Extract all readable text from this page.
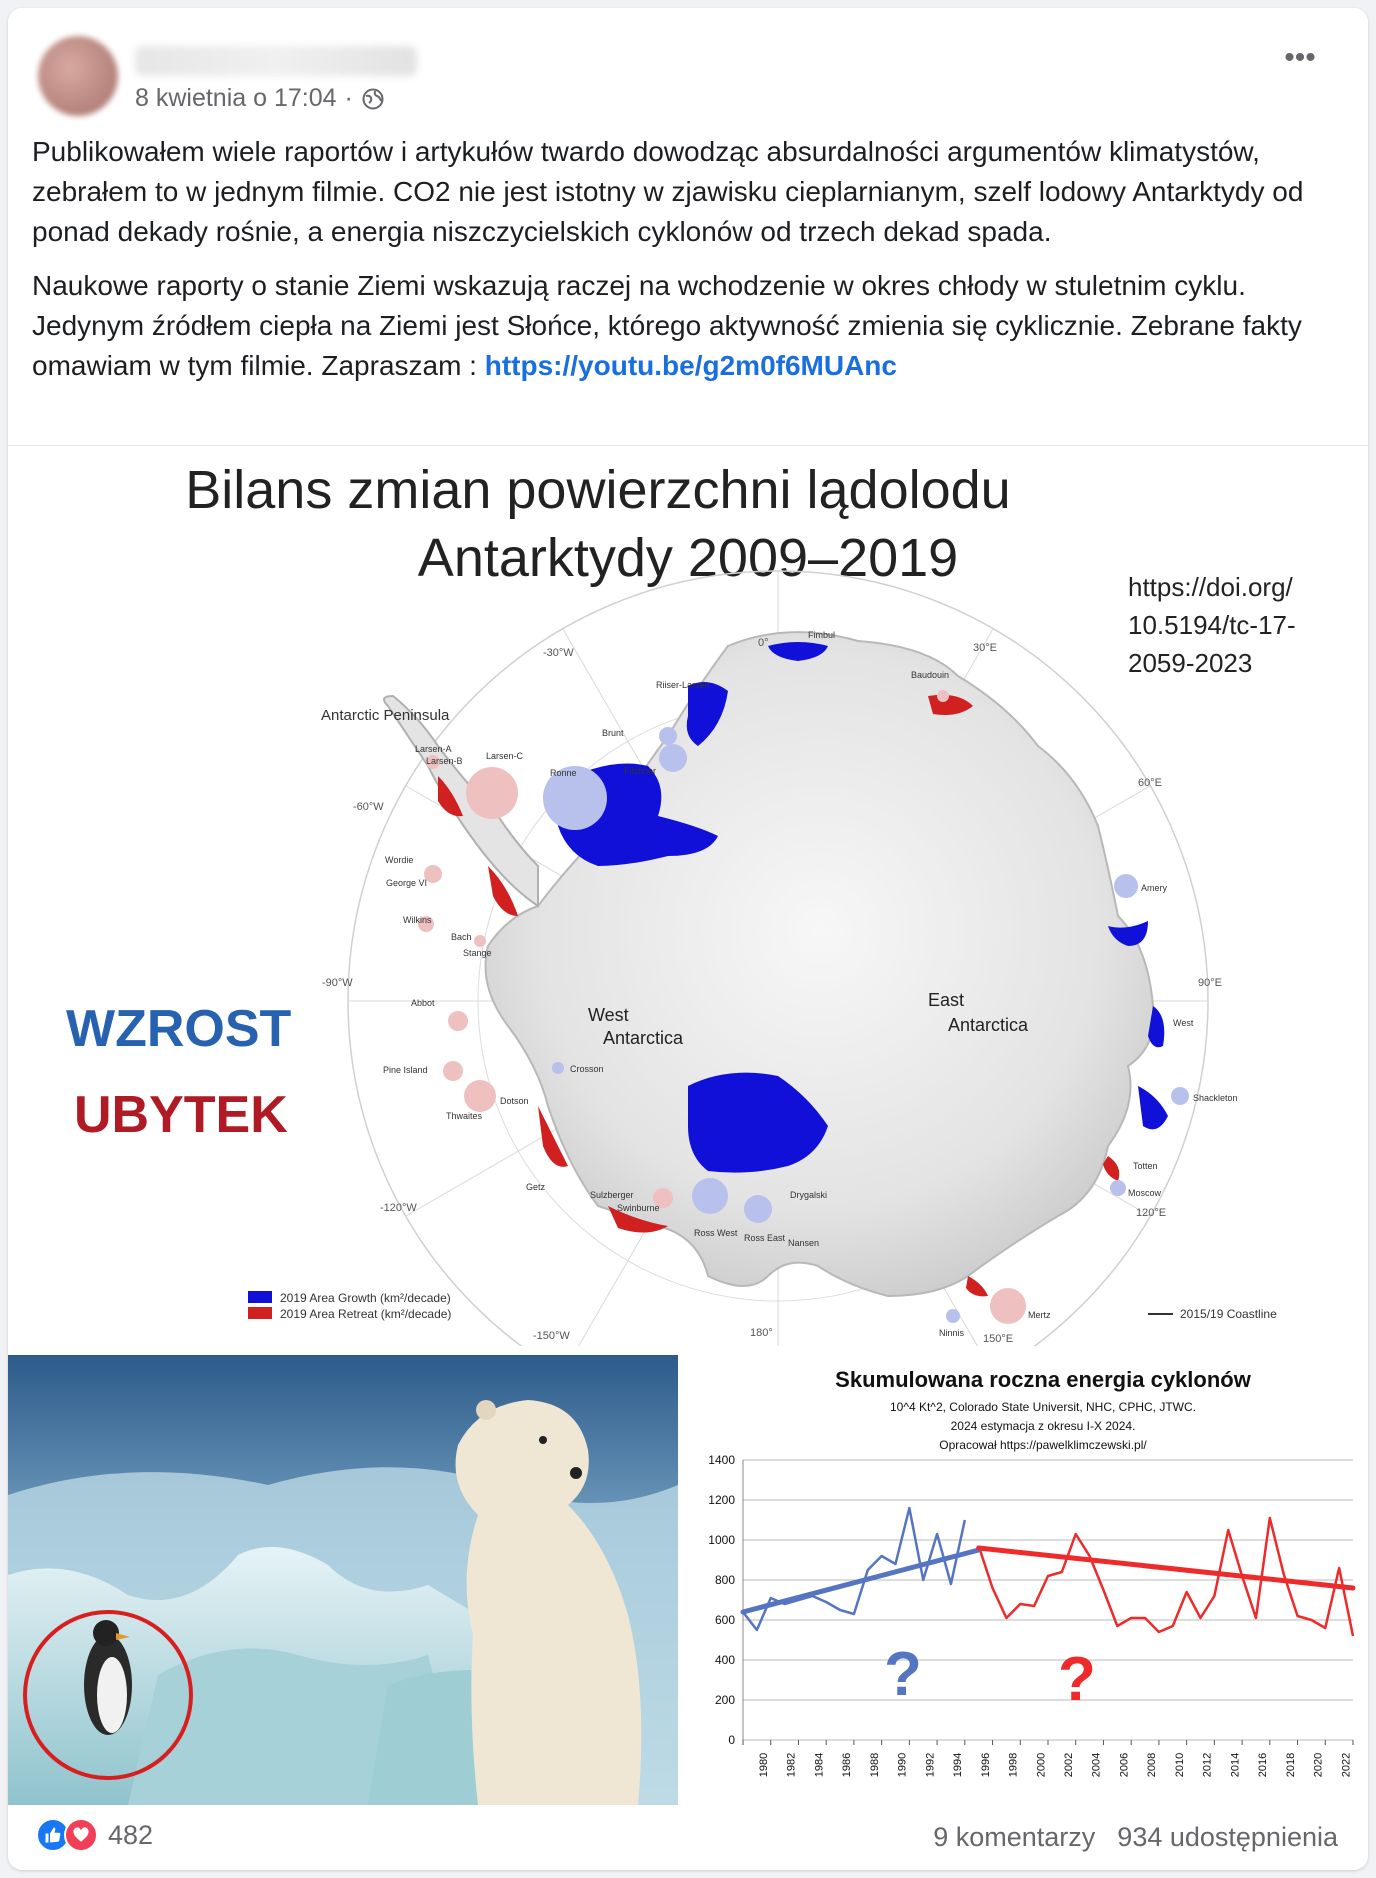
8 kwietnia o 17:04 ·
•••

Publikowałem wiele raportów i artykułów twardo dowodząc absurdalności argumentów klimatystów, zebrałem to w jednym filmie. CO2 nie jest istotny w zjawisku cieplarnianym, szelf lodowy Antarktydy od ponad dekady rośnie, a energia niszczycielskich cyklonów od trzech dekad spada.

Naukowe raporty o stanie Ziemi wskazują raczej na wchodzenie w okres chłody w stuletnim cyklu. Jedynym źródłem ciepła na Ziemi jest Słońce, którego aktywność zmienia się cyklicznie. Zebrane fakty omawiam w tym filmie. Zapraszam : https://youtu.be/g2m0f6MUAnc

Bilans zmian powierzchni lądolodu
Antarktydy 2009–2019	https://doi.org/
10.5194/tc-17-
2059-2023
West
Antarctica
East
Antarctica
Antarctic Peninsula
-30°W
0°	30°E
60°E
90°E
120°E
150°E
180°
-150°W
-120°W
-90°W
-60°W
Fimbul
Baudouin
Riiser-Larsen
Brunt
Filchner
Ronne
Larsen-A
Larsen-B	Larsen-C
Wordie
George VI
Wilkins
Bach
Stange
Abbot
Pine Island
Thwaites
Dotson
Crosson
Getz
Sulzberger
Swinburne
Ross West Ross East
Drygalski
Nansen
Ninnis
Mertz
Moscow
Totten
Shackleton
West
Amery
2019 Area Growth (km²/decade)
2019 Area Retreat (km²/decade)	2015/19 Coastline
WZROST
UBYTEK
Skumulowana roczna energia cyklonów
10^4 Kt^2, Colorado State Universit, NHC, CPHC, JTWC.
2024 estymacja z okresu I-X 2024.
Opracował https://pawelklimczewski.pl/
0
200
400
600
800
1000
1200
1400
1980 1982 1984 1986 1988 1990 1992 1994 1996 1998 2000 2002 2004 2006 2008 2010 2012 2014 2016 2018 2020 2022
? ?
482	9 komentarzy 934 udostępnienia
